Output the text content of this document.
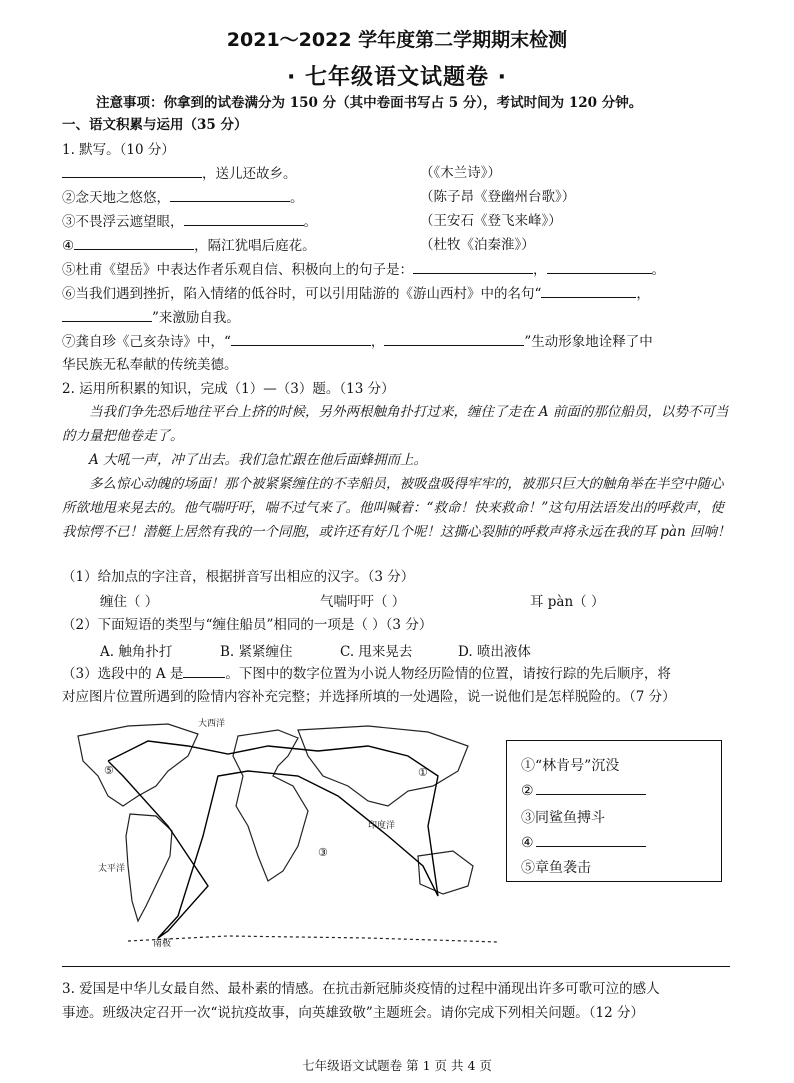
2021～2022 学年度第二学期期末检测
· 七年级语文试题卷 ·
注意事项：你拿到的试卷满分为 150 分（其中卷面书写占 5 分），考试时间为 120 分钟。
一、语文积累与运用（35 分）
1. 默写。（10 分）
，送儿还故乡。	（《木兰诗》）
②念天地之悠悠，	。	（陈子昂《登幽州台歌》）
③不畏浮云遮望眼，	。	（王安石《登飞来峰》）
④	，隔江犹唱后庭花。	（杜牧《泊秦淮》）
⑤杜甫《望岳》中表达作者乐观自信、积极向上的句子是：	，	。
⑥当我们遇到挫折，陷入情绪的低谷时，可以引用陆游的《游山西村》中的名句“	，
”来激励自我。
⑦龚自珍《己亥杂诗》中，“	，	”生动形象地诠释了中
华民族无私奉献的传统美德。
2. 运用所积累的知识，完成（1）—（3）题。（13 分）
当我们争先恐后地往平台上挤的时候，另外两根触角扑打过来，缠住了走在 A 前面的那位船员，以势不可当的力量把他卷走了。
A 大吼一声，冲了出去。我们急忙跟在他后面蜂拥而上。
多么惊心动魄的场面！那个被紧紧缠住的不幸船员，被吸盘吸得牢牢的，被那只巨大的触角举在半空中随心所欲地甩来晃去的。他气喘吁吁，喘不过气来了。他叫喊着：“救命！快来救命！”这句用法语发出的呼救声，使我惊愕不已！潜艇上居然有我的一个同胞，或许还有好几个呢！这撕心裂肺的呼救声将永远在我的耳 pàn 回响！
（1）给加点的字注音，根据拼音写出相应的汉字。（3 分）
缠住（ ）	气喘吁吁（ ）	耳 pàn（ ）
（2）下面短语的类型与“缠住船员”相同的一项是（ ）（3 分）
A. 触角扑打	B. 紧紧缠住	C. 甩来晃去	D. 喷出液体
（3）选段中的 A 是	。下图中的数字位置为小说人物经历险情的位置，请按行踪的先后顺序，将
对应图片位置所遇到的险情内容补充完整；并选择所填的一处遇险，说一说他们是怎样脱险的。（7 分）
大西洋
太平洋
印度洋
南极
⑤	①
③
①“林肯号”沉没
②
③同鲨鱼搏斗
④
⑤章鱼袭击
3. 爱国是中华儿女最自然、最朴素的情感。在抗击新冠肺炎疫情的过程中涌现出许多可歌可泣的感人
事迹。班级决定召开一次“说抗疫故事，向英雄致敬”主题班会。请你完成下列相关问题。（12 分）
七年级语文试题卷 第 1 页 共 4 页
